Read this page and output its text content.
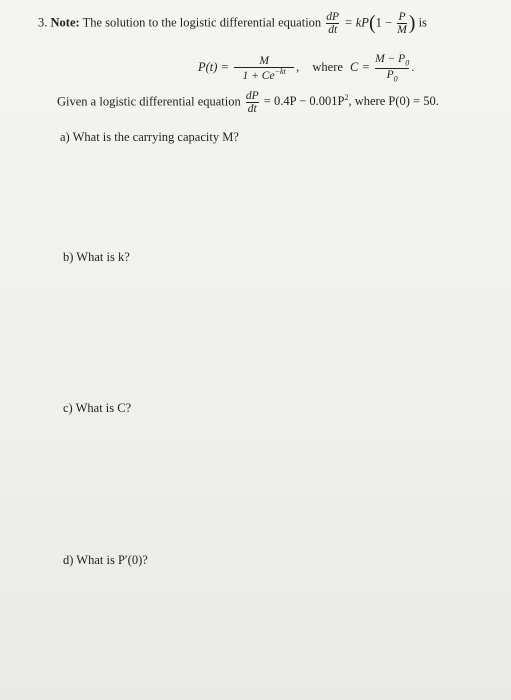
3. Note: The solution to the logistic differential equation $\frac{dP}{dt} = kP(1 - \frac{P}{M}$ ) is
$P(t) = \frac{M}{1 + Ce^{-kt}}$ , where $C = \frac{M - P_0}{P_0}$ .
Given a logistic differential equation $\frac{dP}{dt} = 0.4P - 0.001P^2$, where P(0) = 50.
a) What is the carrying capacity M?
b) What is k?
c) What is C?
d) What is P′(0)?
